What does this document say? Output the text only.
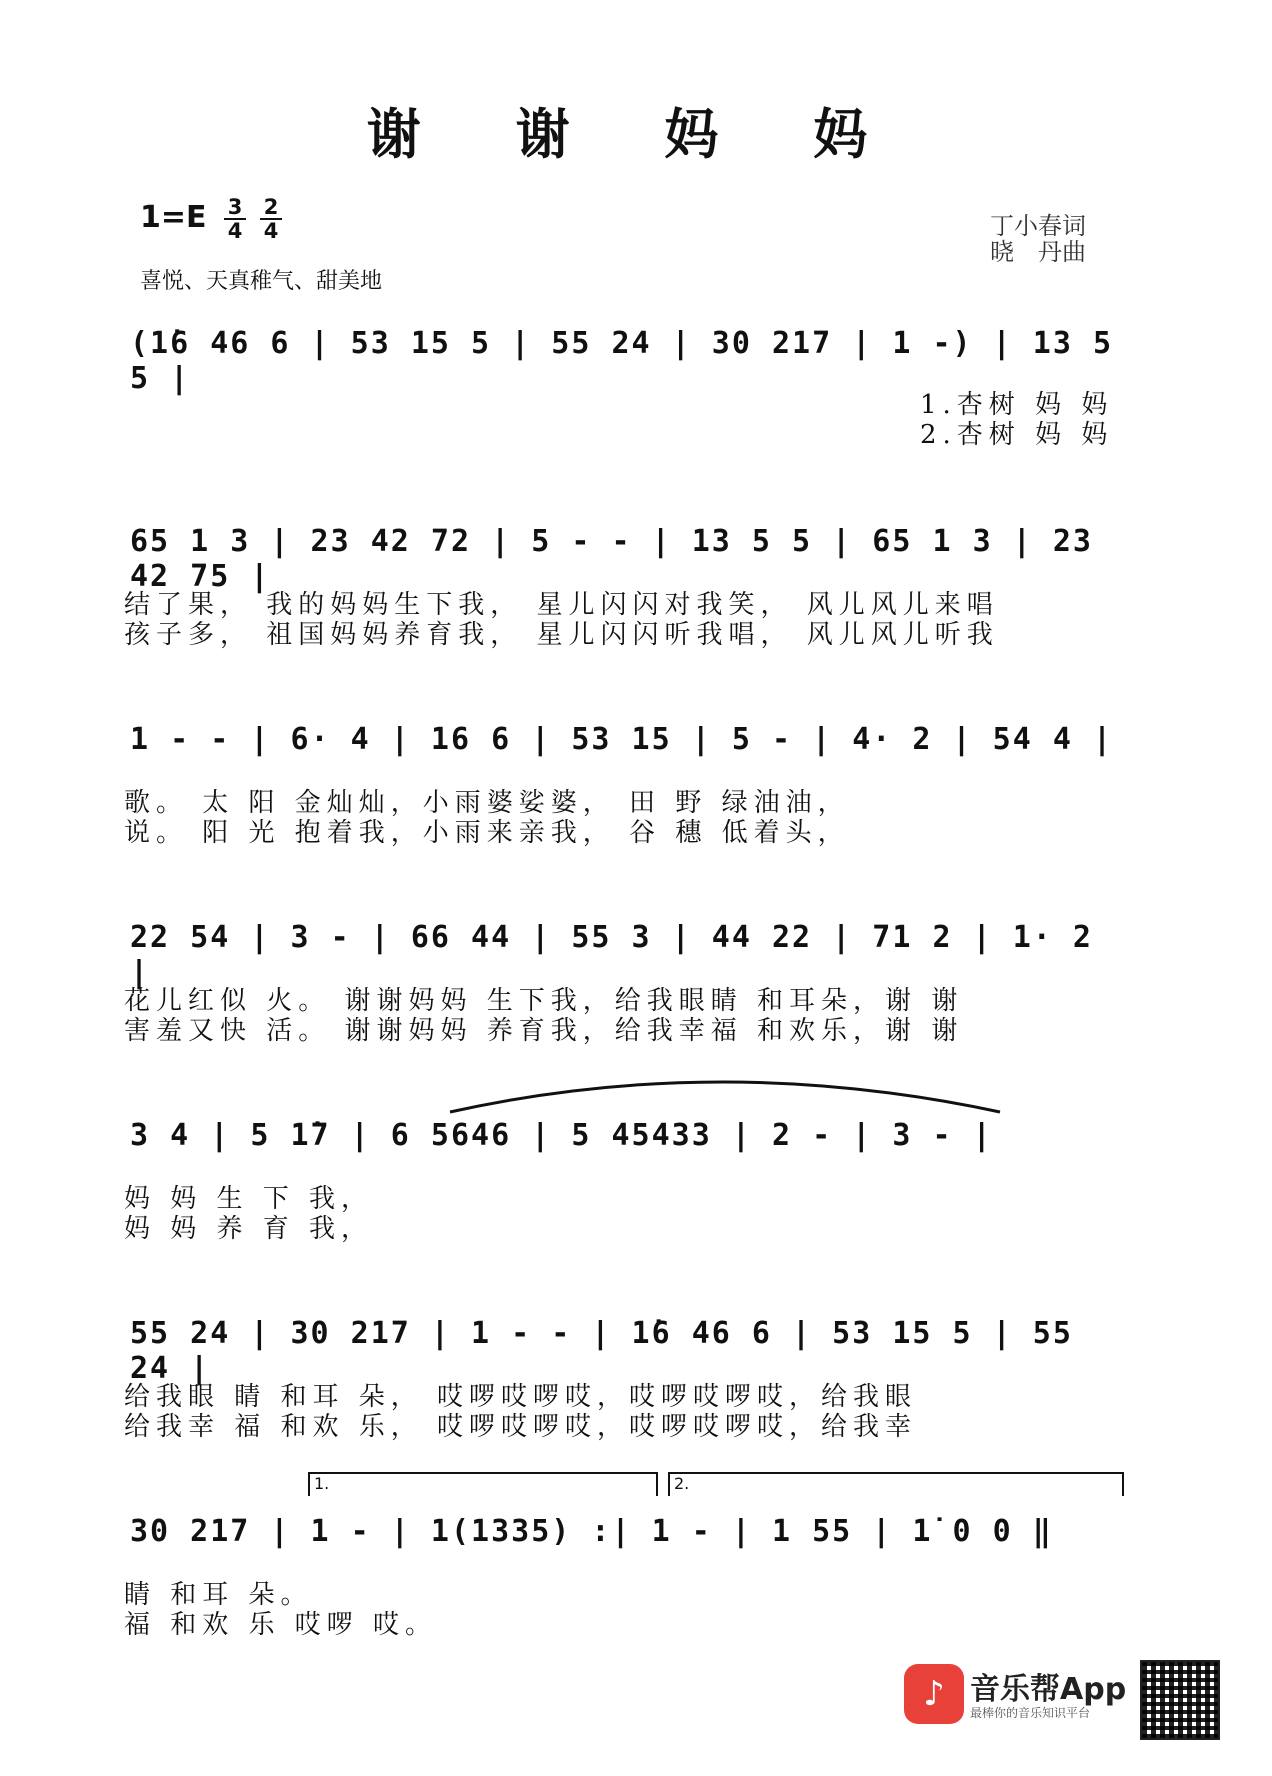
谢 谢 妈 妈
$1=E \frac{3}{4} \frac{2}{4}$
喜悦、天真稚气、甜美地
丁小春词
晓　丹曲
(1̇6 46 6 | 53 15 5 | 55 24 | 30 217 | 1 -) | 13 5 5 |
1.杏树 妈 妈
2.杏树 妈 妈
65 1 3 | 23 42 72 | 5 - - | 13 5 5 | 65 1 3 | 23 42 75 |
结了果， 我的妈妈生下我， 星儿闪闪对我笑， 风儿风儿来唱
孩子多， 祖国妈妈养育我， 星儿闪闪听我唱， 风儿风儿听我
1 - - | 6· 4 | 16 6 | 53 15 | 5 - | 4· 2 | 54 4 |
歌。 太 阳 金灿灿，小雨婆娑婆， 田 野 绿油油，
说。 阳 光 抱着我，小雨来亲我， 谷 穗 低着头，
22 54 | 3 - | 66 44 | 55 3 | 44 22 | 71 2 | 1· 2 |
花儿红似 火。 谢谢妈妈 生下我，给我眼睛 和耳朵，谢 谢
害羞又快 活。 谢谢妈妈 养育我，给我幸福 和欢乐，谢 谢
3 4 | 5 1̇7 | 6 5646 | 5 45433 | 2 - | 3 - |
妈 妈 生 下 我，
妈 妈 养 育 我，
55 24 | 30 217 | 1 - - | 1̇6 46 6 | 53 15 5 | 55 24 |
给我眼 睛 和耳 朵， 哎啰哎啰哎，哎啰哎啰哎，给我眼
给我幸 福 和欢 乐， 哎啰哎啰哎，哎啰哎啰哎，给我幸
1.	2.
30 217 | 1 - | 1(1335) :| 1 - | 1 55 | 1̇ 0 0 ‖
睛 和耳 朵。
福 和欢 乐 哎啰 哎。
♪ 音乐帮App
最棒你的音乐知识平台
